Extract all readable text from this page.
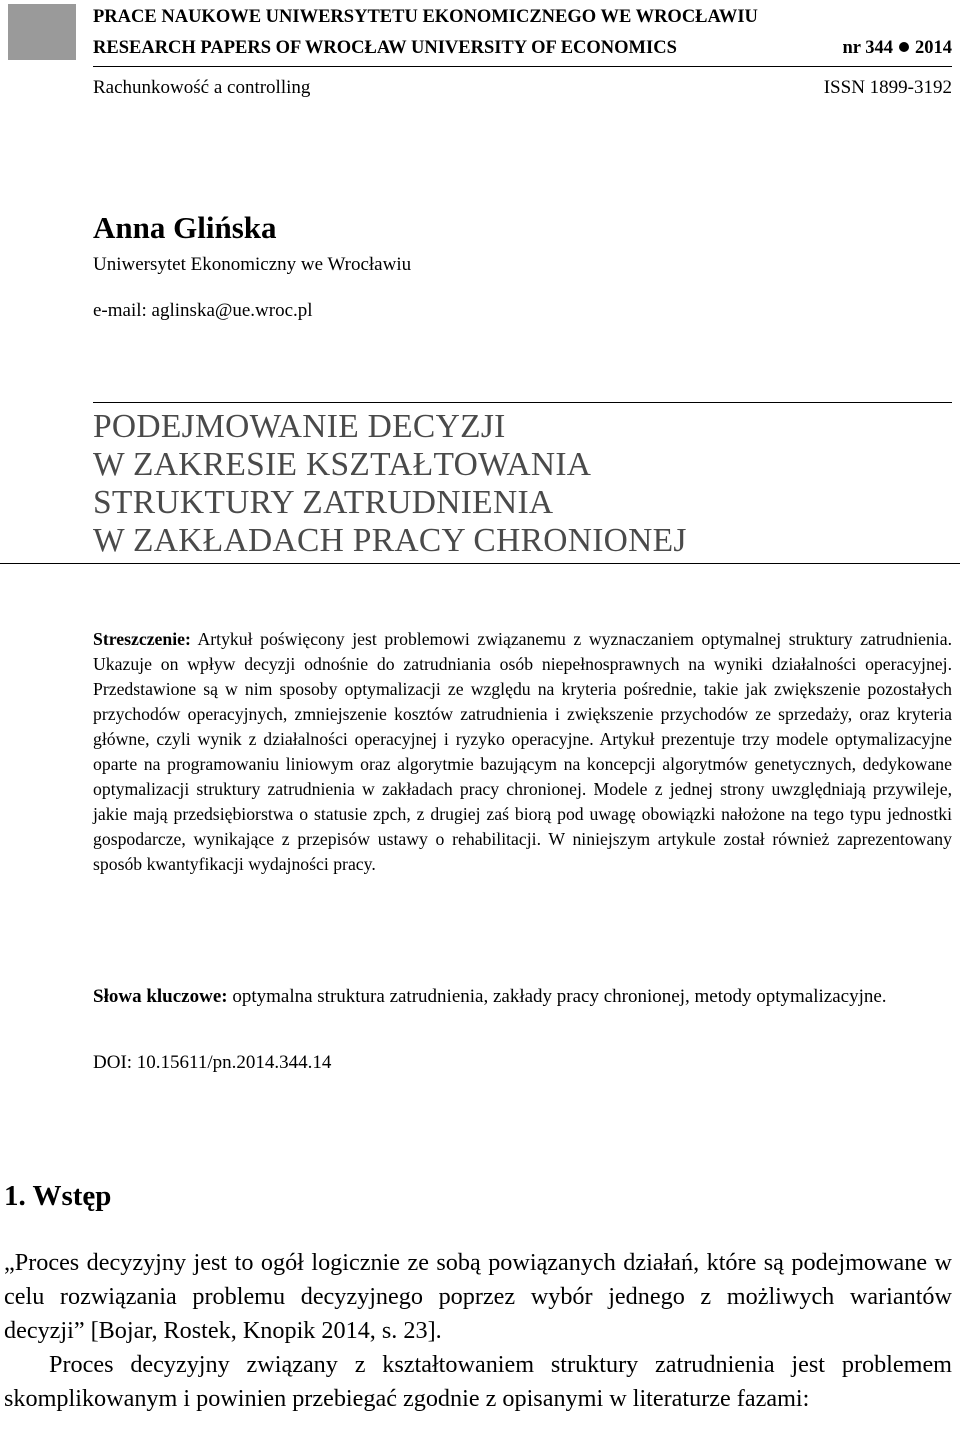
PRACE NAUKOWE UNIWERSYTETU EKONOMICZNEGO WE WROCŁAWIU
RESEARCH PAPERS OF WROCŁAW UNIVERSITY OF ECONOMICS	nr 344 2014
Rachunkowość a controlling	ISSN 1899-3192
Anna Glińska
Uniwersytet Ekonomiczny we Wrocławiu
e-mail: aglinska@ue.wroc.pl
PODEJMOWANIE DECYZJI
W ZAKRESIE KSZTAŁTOWANIA
STRUKTURY ZATRUDNIENIA
W ZAKŁADACH PRACY CHRONIONEJ
Streszczenie: Artykuł poświęcony jest problemowi związanemu z wyznaczaniem optymalnej struktury zatrudnienia. Ukazuje on wpływ decyzji odnośnie do zatrudniania osób niepełnosprawnych na wyniki działalności operacyjnej. Przedstawione są w nim sposoby optymalizacji ze względu na kryteria pośrednie, takie jak zwiększenie pozostałych przychodów operacyjnych, zmniejszenie kosztów zatrudnienia i zwiększenie przychodów ze sprzedaży, oraz kryteria główne, czyli wynik z działalności operacyjnej i ryzyko operacyjne. Artykuł prezentuje trzy modele optymalizacyjne oparte na programowaniu liniowym oraz algorytmie bazującym na koncepcji algorytmów genetycznych, dedykowane optymalizacji struktury zatrudnienia w zakładach pracy chronionej. Modele z jednej strony uwzględniają przywileje, jakie mają przedsiębiorstwa o statusie zpch, z drugiej zaś biorą pod uwagę obowiązki nałożone na tego typu jednostki gospodarcze, wynikające z przepisów ustawy o rehabilitacji. W niniejszym artykule został również zaprezentowany sposób kwantyfikacji wydajności pracy.
Słowa kluczowe: optymalna struktura zatrudnienia, zakłady pracy chronionej, metody optymalizacyjne.
DOI: 10.15611/pn.2014.344.14
1. Wstęp

„Proces decyzyjny jest to ogół logicznie ze sobą powiązanych działań, które są podejmowane w celu rozwiązania problemu decyzyjnego poprzez wybór jednego z możliwych wariantów decyzji” [Bojar, Rostek, Knopik 2014, s. 23].

Proces decyzyjny związany z kształtowaniem struktury zatrudnienia jest problemem skomplikowanym i powinien przebiegać zgodnie z opisanymi w literaturze fazami:
